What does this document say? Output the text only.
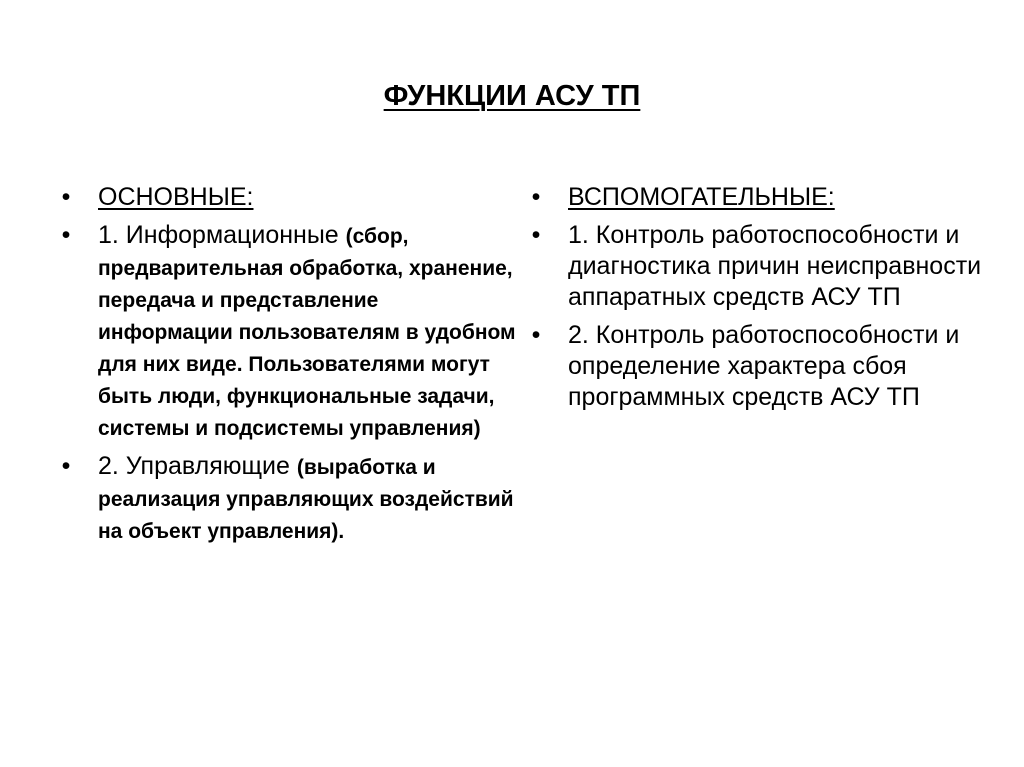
ФУНКЦИИ АСУ ТП
• ОСНОВНЫЕ:
• 1. Информационные (сбор, предварительная обработка, хранение, передача и представление информации пользователям в удобном для них виде. Пользователями могут быть люди, функциональные задачи, системы и подсистемы управления)
• 2. Управляющие (выработка и реализация управляющих воздействий на объект управления).
• ВСПОМОГАТЕЛЬНЫЕ:
• 1. Контроль работоспособности и диагностика причин неисправности аппаратных средств АСУ ТП
• 2. Контроль работоспособности и определение характера сбоя программных средств АСУ ТП
